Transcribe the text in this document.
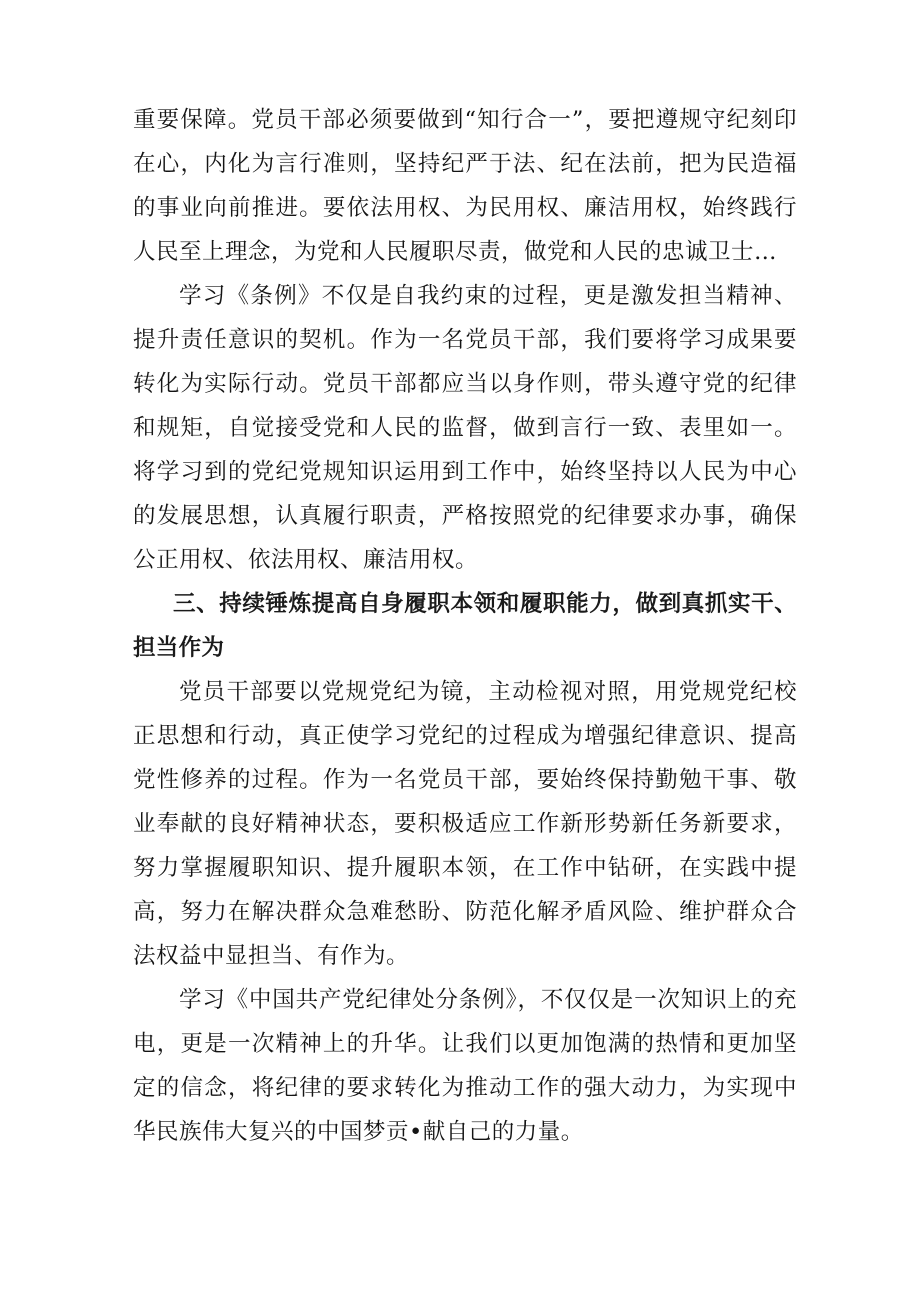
重要保障。党员干部必须要做到“知行合一”，要把遵规守纪刻印在心，内化为言行准则，坚持纪严于法、纪在法前，把为民造福的事业向前推进。要依法用权、为民用权、廉洁用权，始终践行人民至上理念，为党和人民履职尽责，做党和人民的忠诚卫士…

学习《条例》不仅是自我约束的过程，更是激发担当精神、提升责任意识的契机。作为一名党员干部，我们要将学习成果要转化为实际行动。党员干部都应当以身作则，带头遵守党的纪律和规矩，自觉接受党和人民的监督，做到言行一致、表里如一。将学习到的党纪党规知识运用到工作中，始终坚持以人民为中心的发展思想，认真履行职责，严格按照党的纪律要求办事，确保公正用权、依法用权、廉洁用权。

三、持续锤炼提高自身履职本领和履职能力，做到真抓实干、担当作为

党员干部要以党规党纪为镜，主动检视对照，用党规党纪校正思想和行动，真正使学习党纪的过程成为增强纪律意识、提高党性修养的过程。作为一名党员干部，要始终保持勤勉干事、敬业奉献的良好精神状态，要积极适应工作新形势新任务新要求，努力掌握履职知识、提升履职本领，在工作中钻研，在实践中提高，努力在解决群众急难愁盼、防范化解矛盾风险、维护群众合法权益中显担当、有作为。

学习《中国共产党纪律处分条例》，不仅仅是一次知识上的充电，更是一次精神上的升华。让我们以更加饱满的热情和更加坚定的信念，将纪律的要求转化为推动工作的强大动力，为实现中华民族伟大复兴的中国梦贡•献自己的力量。
